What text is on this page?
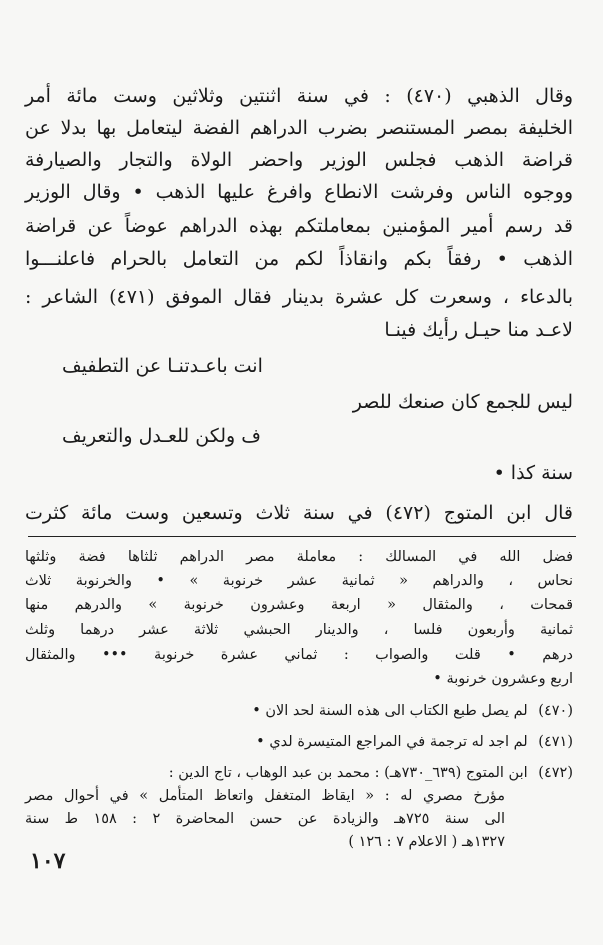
وقال الذهبي (٤٧٠) : في سنة اثنتين وثلاثين وست مائة أمر
الخليفة بمصر المستنصر بضرب الدراهم الفضة ليتعامل بها بدلا عن
قراضة الذهب فجلس الوزير واحضر الولاة والتجار والصيارفة
ووجوه الناس وفرشت الانطاع وافرغ عليها الذهب • وقال الوزير
قد رسم أمير المؤمنين بمعاملتكم بهذه الدراهم عوضاً عن قراضة
الذهب • رفقاً بكم وانقاذاً لكم من التعامل بالحرام فاعلنـــوا
بالدعاء ، وسعرت كل عشرة بدينار فقال الموفق (٤٧١) الشاعر :
لاعـد منا حيـل رأيك فينـا
انت باعـدتنـا عن التطفيف
ليس للجمع كان صنعك للصر
ف ولكن للعـدل والتعريف
سنة كذا •
قال ابن المتوج (٤٧٢) في سنة ثلاث وتسعين وست مائة كثرت
فضل الله في المسالك : معاملة مصر الدراهم ثلثاها فضة وثلثها
نحاس ، والدراهم « ثمانية عشر خرنوبة » • والخرنوبة ثلاث
قمحات ، والمثقال « اربعة وعشرون خرنوبة » والدرهم منها
ثمانية وأربعون فلسا ، والدينار الحبشي ثلاثة عشر درهما وثلث
درهم • قلت والصواب : ثماني عشرة خرنوبة ••• والمثقال
اربع وعشرون خرنوبة •
(٤٧٠) لم يصل طبع الكتاب الى هذه السنة لحد الان •
(٤٧١) لم اجد له ترجمة في المراجع المتيسرة لدي •
(٤٧٢) ابن المتوج (٦٣٩_٧٣٠هـ) : محمد بن عبد الوهاب ، تاج الدين :
مؤرخ مصري له : « ايقاظ المتغفل واتعاظ المتأمل » في أحوال مصر
الى سنة ٧٢٥هـ والزيادة عن حسن المحاضرة ٢ : ١٥٨ ط سنة
١٣٢٧هـ ( الاعلام ٧ : ١٢٦ )
١٠٧
